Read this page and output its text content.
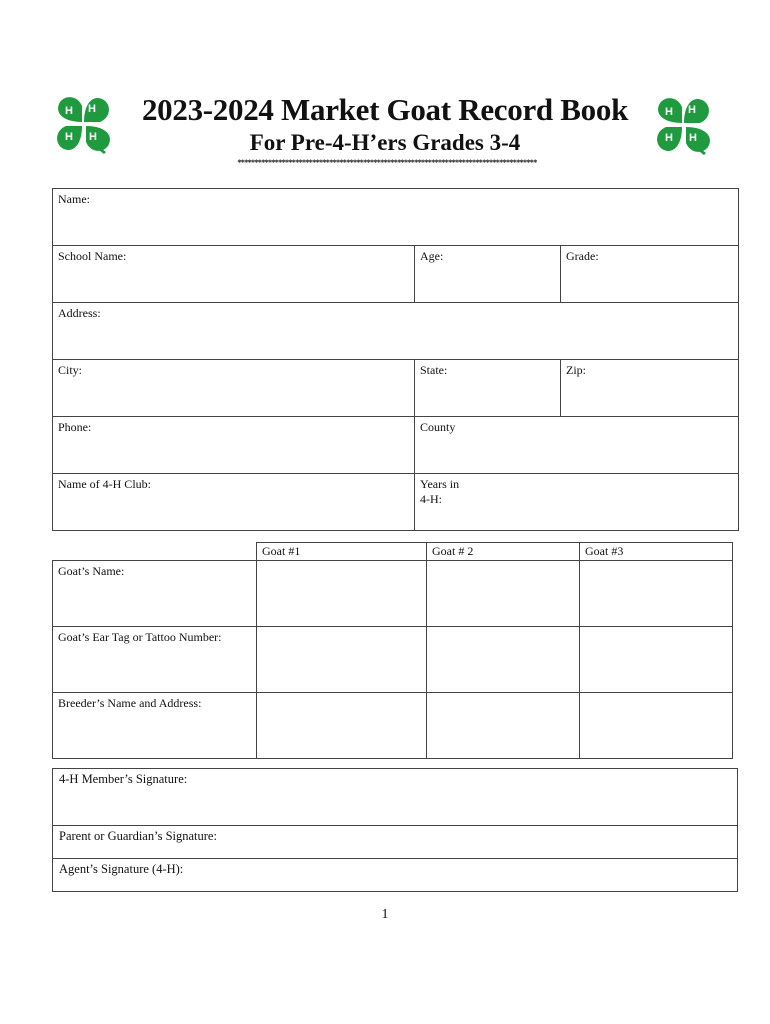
H H
H H
H H
H H
2023-2024 Market Goat Record Book
For Pre-4-H’ers Grades 3-4
****************************************************************************************
Name:		
School Name:	Age:	Grade:
Address:		
City:	State:	Zip:
Phone:	County	
Name of 4-H Club:	Years in
4-H:	
	Goat #1	Goat # 2	Goat #3
Goat’s Name:			
Goat’s Ear Tag or Tattoo Number:			
Breeder’s Name and Address:			
4-H Member’s Signature:
Parent or Guardian’s Signature:
Agent’s Signature (4-H):
1
